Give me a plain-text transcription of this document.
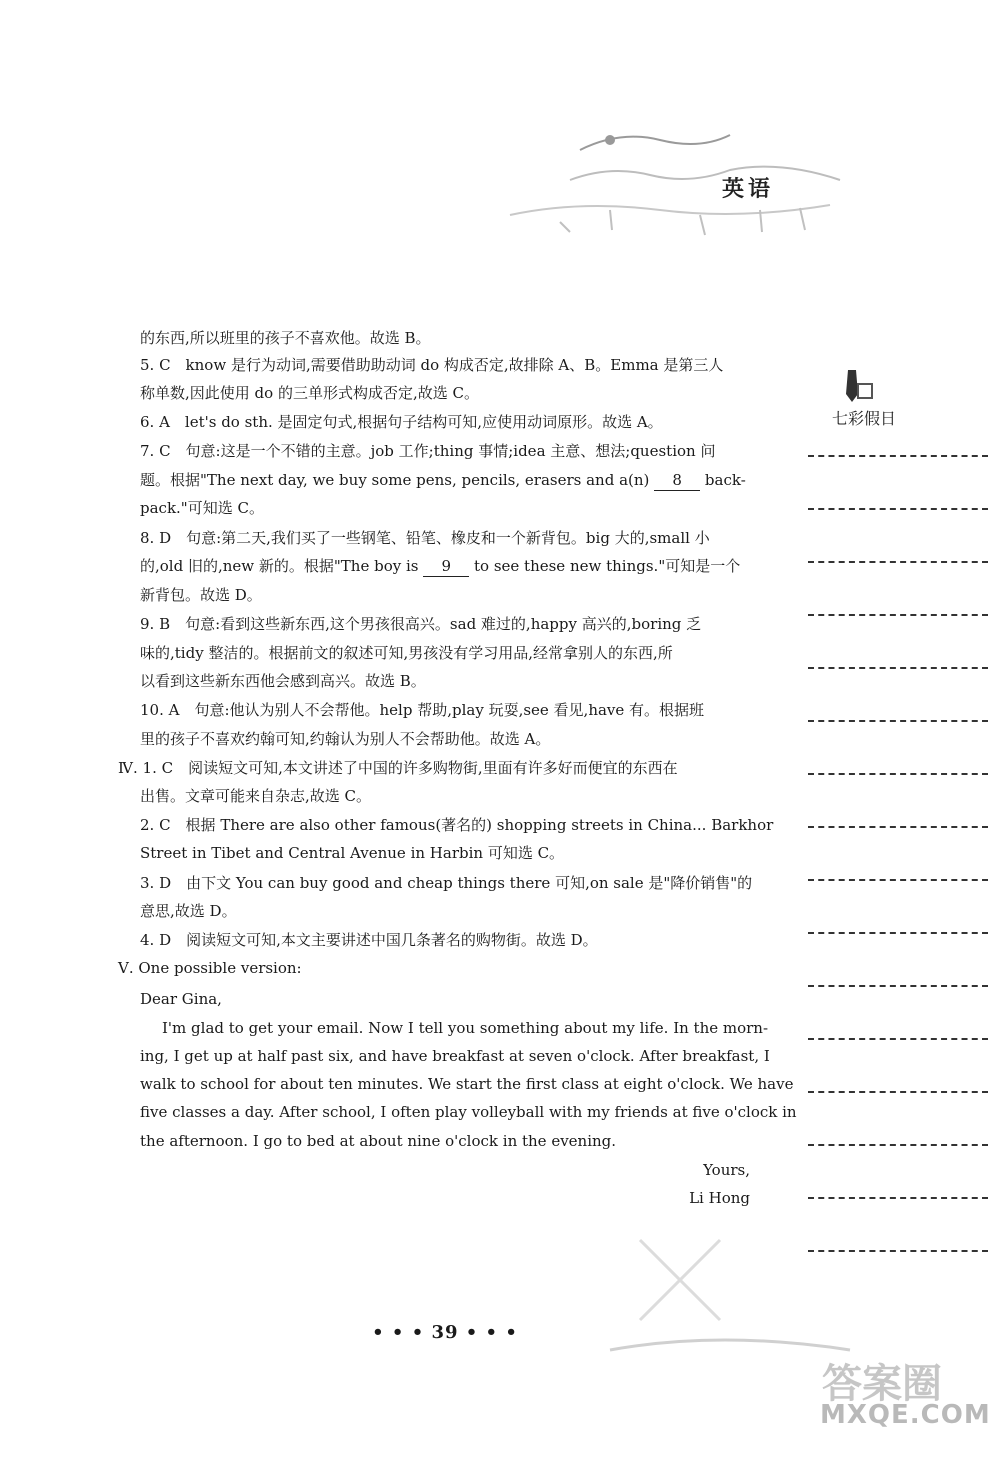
英语
七彩假日
的东西,所以班里的孩子不喜欢他。故选 B。
5. C　know 是行为动词,需要借助助动词 do 构成否定,故排除 A、B。Emma 是第三人
称单数,因此使用 do 的三单形式构成否定,故选 C。
6. A　let's do sth. 是固定句式,根据句子结构可知,应使用动词原形。故选 A。
7. C　句意:这是一个不错的主意。job 工作;thing 事情;idea 主意、想法;question 问
题。根据"The next day, we buy some pens, pencils, erasers and a(n) 8 back-
pack."可知选 C。
8. D　句意:第二天,我们买了一些钢笔、铅笔、橡皮和一个新背包。big 大的,small 小
的,old 旧的,new 新的。根据"The boy is 9 to see these new things."可知是一个
新背包。故选 D。
9. B　句意:看到这些新东西,这个男孩很高兴。sad 难过的,happy 高兴的,boring 乏
味的,tidy 整洁的。根据前文的叙述可知,男孩没有学习用品,经常拿别人的东西,所
以看到这些新东西他会感到高兴。故选 B。
10. A　句意:他认为别人不会帮他。help 帮助,play 玩耍,see 看见,have 有。根据班
里的孩子不喜欢约翰可知,约翰认为别人不会帮助他。故选 A。
Ⅳ. 1. C　阅读短文可知,本文讲述了中国的许多购物街,里面有许多好而便宜的东西在
出售。文章可能来自杂志,故选 C。
2. C　根据 There are also other famous(著名的) shopping streets in China... Barkhor
Street in Tibet and Central Avenue in Harbin 可知选 C。
3. D　由下文 You can buy good and cheap things there 可知,on sale 是"降价销售"的
意思,故选 D。
4. D　阅读短文可知,本文主要讲述中国几条著名的购物街。故选 D。
Ⅴ. One possible version:
Dear Gina,
I'm glad to get your email. Now I tell you something about my life. In the morn-
ing, I get up at half past six, and have breakfast at seven o'clock. After breakfast, I
walk to school for about ten minutes. We start the first class at eight o'clock. We have
five classes a day. After school, I often play volleyball with my friends at five o'clock in
the afternoon. I go to bed at about nine o'clock in the evening.
Yours,
Li Hong
• • • 39 • • •
答案圈
MXQE.COM
